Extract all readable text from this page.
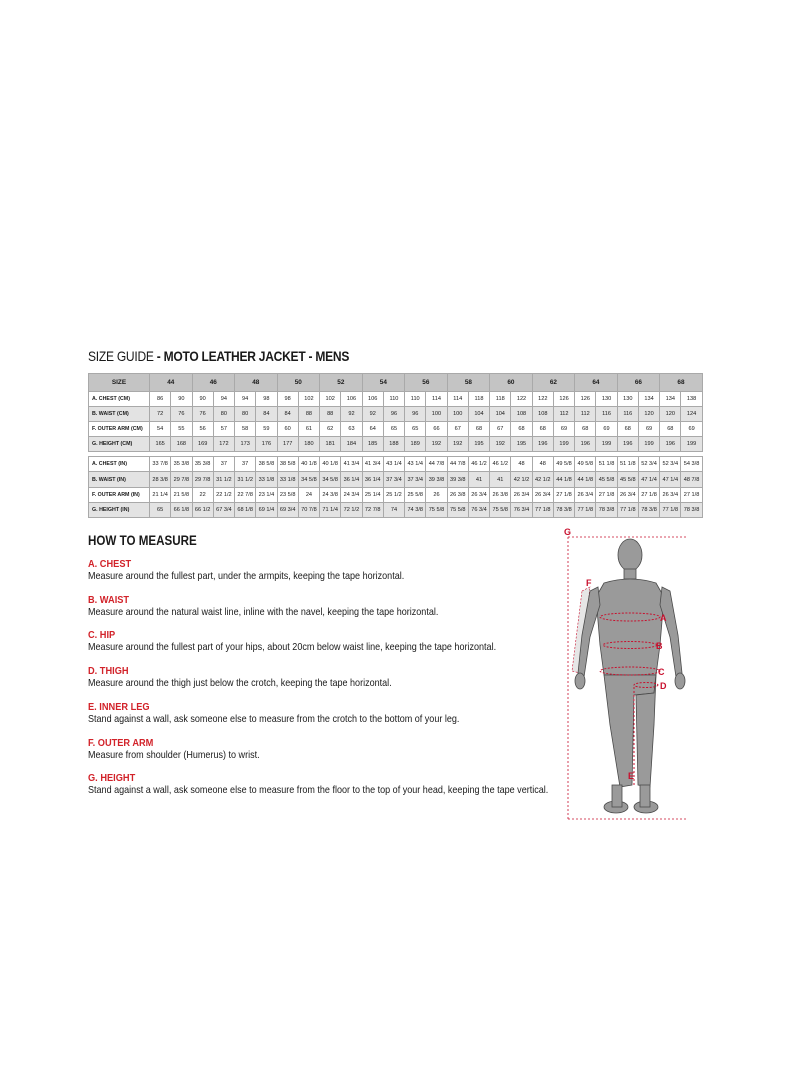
SIZE GUIDE - MOTO LEATHER JACKET - MENS
SIZE	44		46		48		50		52		54		56		58		60		62		64		66		68	
A. CHEST (CM)	86	90	90	94	94	98	98	102	102	106	106	110	110	114	114	118	118	122	122	126	126	130	130	134	134	138
B. WAIST (CM)	72	76	76	80	80	84	84	88	88	92	92	96	96	100	100	104	104	108	108	112	112	116	116	120	120	124
F. OUTER ARM (CM)	54	55	56	57	58	59	60	61	62	63	64	65	65	66	67	68	67	68	68	69	68	69	68	69	68	69
G. HEIGHT (CM)	165	168	169	172	173	176	177	180	181	184	185	188	189	192	192	195	192	195	196	199	196	199	196	199	196	199

A. CHEST (IN)	33 7/8	35 3/8	35 3/8	37	37	38 5/8	38 5/8	40 1/8	40 1/8	41 3/4	41 3/4	43 1/4	43 1/4	44 7/8	44 7/8	46 1/2	46 1/2	48	48	49 5/8	49 5/8	51 1/8	51 1/8	52 3/4	52 3/4	54 3/8
B. WAIST (IN)	28 3/8	29 7/8	29 7/8	31 1/2	31 1/2	33 1/8	33 1/8	34 5/8	34 5/8	36 1/4	36 1/4	37 3/4	37 3/4	39 3/8	39 3/8	41	41	42 1/2	42 1/2	44 1/8	44 1/8	45 5/8	45 5/8	47 1/4	47 1/4	48 7/8
F. OUTER ARM (IN)	21 1/4	21 5/8	22	22 1/2	22 7/8	23 1/4	23 5/8	24	24 3/8	24 3/4	25 1/4	25 1/2	25 5/8	26	26 3/8	26 3/4	26 3/8	26 3/4	26 3/4	27 1/8	26 3/4	27 1/8	26 3/4	27 1/8	26 3/4	27 1/8
G. HEIGHT (IN)	65	66 1/8	66 1/2	67 3/4	68 1/8	69 1/4	69 3/4	70 7/8	71 1/4	72 1/2	72 7/8	74	74 3/8	75 5/8	75 5/8	76 3/4	75 5/8	76 3/4	77 1/8	78 3/8	77 1/8	78 3/8	77 1/8	78 3/8	77 1/8	78 3/8
HOW TO MEASURE
A. CHEST
Measure around the fullest part, under the armpits, keeping the tape horizontal.
B. WAIST
Measure around the natural waist line, inline with the navel, keeping the tape horizontal.
C. HIP
Measure around the fullest part of your hips, about 20cm below waist line, keeping the tape horizontal.
D. THIGH
Measure around the thigh just below the crotch, keeping the tape horizontal.
E. INNER LEG
Stand against a wall, ask someone else to measure from the crotch to the bottom of your leg.
F. OUTER ARM
Measure from shoulder (Humerus) to wrist.
G. HEIGHT
Stand against a wall, ask someone else to measure from the floor to the top of your head, keeping the tape vertical.
G
F
A
B
C
D
E
